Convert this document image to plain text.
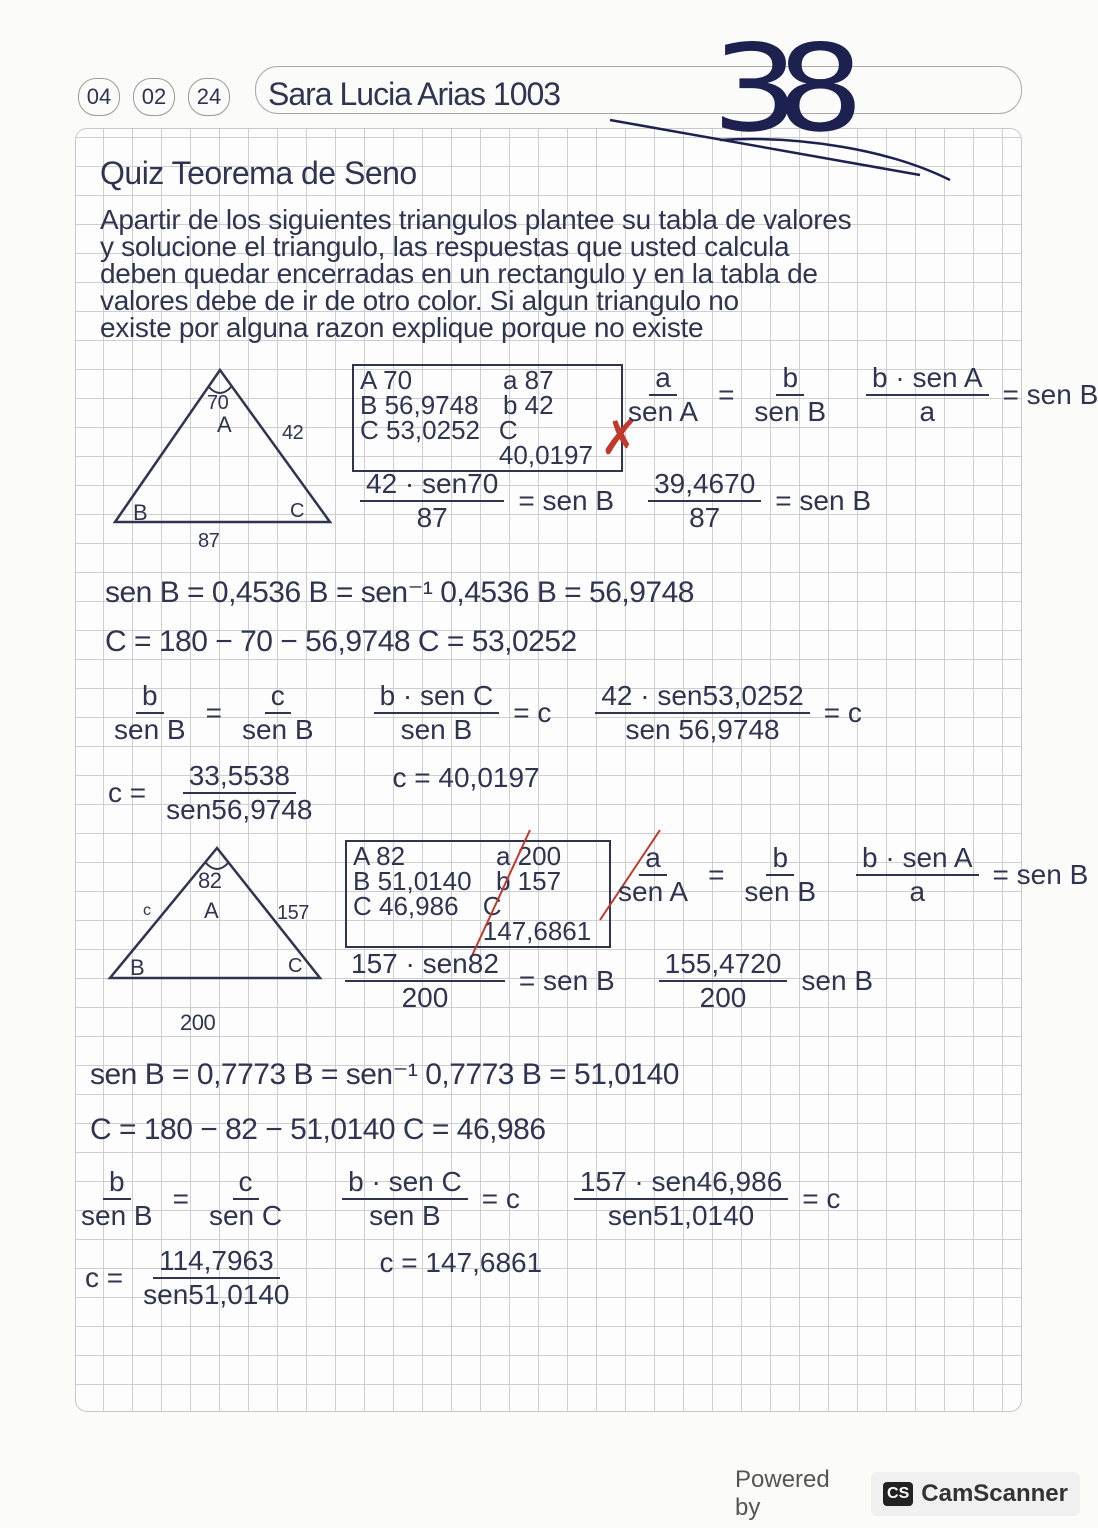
04	02	24 Sara Lucia Arias 1003 38
Quiz Teorema de Seno
Apartir de los siguientes triangulos plantee su tabla de valores
y solucione el triangulo, las respuestas que usted calcula
deben quedar encerradas en un rectangulo y en la tabla de
valores debe de ir de otro color. Si algun triangulo no
existe por alguna razon explique porque no existe
70
A	42
B	C
87
A 70	a 87
B 56,9748 b 42
C 53,0252 C 40,0197 ✗
$\frac{a}{\text{sen A}} = \frac{b}{\text{sen B}} \frac{\text{b · sen A}}{a}$ = sen B
$\frac{\text{42 · sen70}}{87}$ = sen B $\frac{39,4670}{87}$ = sen B
sen B = 0,4536 B = sen⁻¹ 0,4536 B = 56,9748
C = 180 − 70 − 56,9748 C = 53,0252
$\frac{b}{\text{sen B}} = \frac{c}{\text{sen B}} \frac{\text{b · sen C}}{\text{sen B}} = c \frac{\text{42 · sen53,0252}}{\text{sen 56,9748}} = c$
$c = \frac{33,5538}{\text{sen56,9748}}$	c = 40,0197
82
A	157
c
B	C
200
A 82	a 200
B 51,0140 b 157
C 46,986 C 147,6861
$\frac{a}{\text{sen A}} = \frac{b}{\text{sen B}} \frac{\text{b · sen A}}{a}$ = sen B
$\frac{\text{157 · sen82}}{200}$ = sen B $\frac{155,4720}{200}$ sen B
sen B = 0,7773 B = sen⁻¹ 0,7773 B = 51,0140
C = 180 − 82 − 51,0140 C = 46,986
$\frac{b}{\text{sen B}} = \frac{c}{\text{sen C}} \frac{\text{b · sen C}}{\text{sen B}} = c \frac{\text{157 · sen46,986}}{\text{sen51,0140}} = c$
$c = \frac{114,7963}{\text{sen51,0140}}$	c = 147,6861
Powered by
CS CamScanner
